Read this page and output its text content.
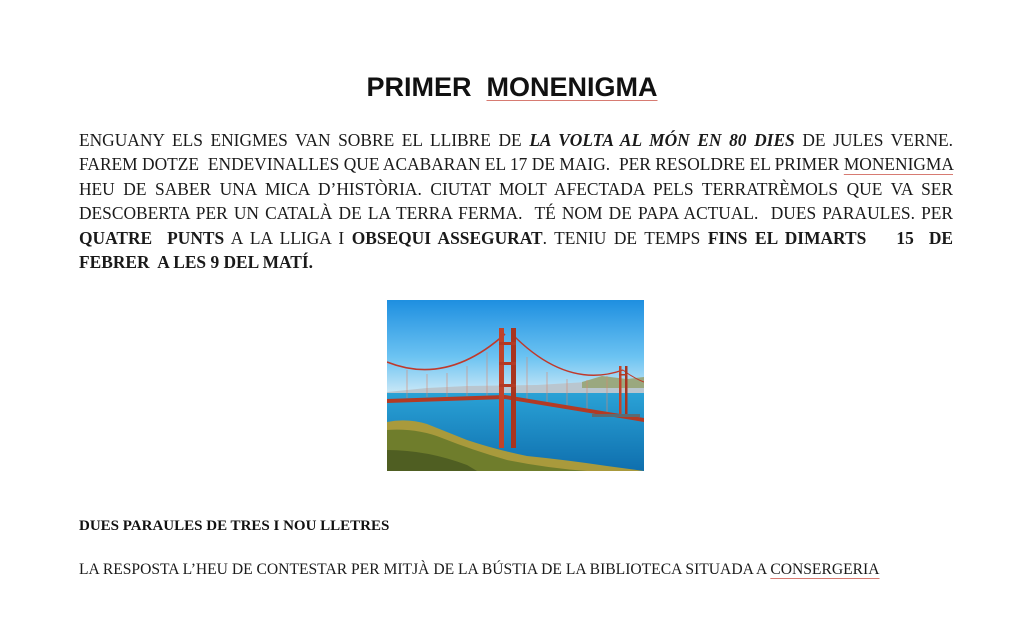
PRIMER  MONENIGMA
ENGUANY ELS ENIGMES VAN SOBRE EL LLIBRE DE LA VOLTA AL MÓN EN 80 DIES DE JULES VERNE. FAREM DOTZE  ENDEVINALLES QUE ACABARAN EL 17 DE MAIG.  PER RESOLDRE EL PRIMER MONENIGMA HEU DE SABER UNA MICA D’HISTÒRIA. CIUTAT MOLT AFECTADA PELS TERRATRÈMOLS QUE VA SER DESCOBERTA PER UN CATALÀ DE LA TERRA FERMA.  TÉ NOM DE PAPA ACTUAL.  DUES PARAULES. PER QUATRE  PUNTS A LA LLIGA I OBSEQUI ASSEGURAT. TENIU DE TEMPS FINS EL DIMARTS    15  DE FEBRER  A LES 9 DEL MATÍ.
DUES PARAULES DE TRES I NOU LLETRES
LA RESPOSTA L’HEU DE CONTESTAR PER MITJÀ DE LA BÚSTIA DE LA BIBLIOTECA SITUADA A CONSERGERIA
